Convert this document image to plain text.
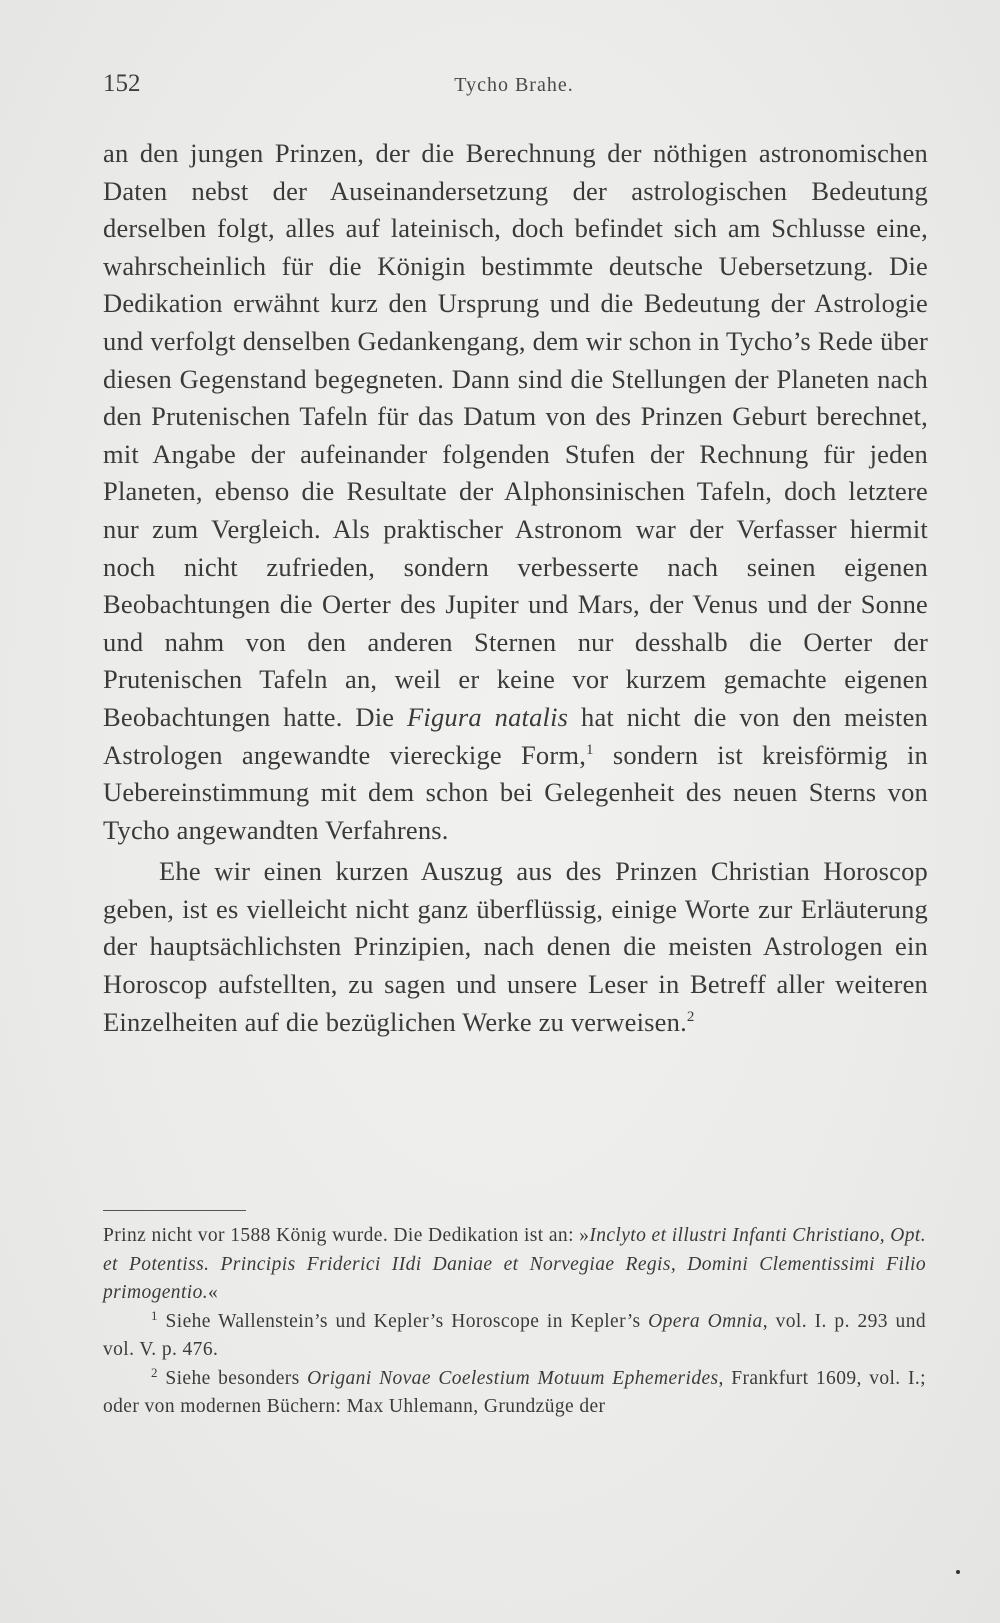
152	Tycho Brahe.

an den jungen Prinzen, der die Berechnung der nöthigen astronomischen Daten nebst der Auseinandersetzung der astrologischen Bedeutung derselben folgt, alles auf lateinisch, doch befindet sich am Schlusse eine, wahrscheinlich für die Königin bestimmte deutsche Uebersetzung. Die Dedikation erwähnt kurz den Ursprung und die Bedeutung der Astrologie und verfolgt denselben Gedankengang, dem wir schon in Tycho’s Rede über diesen Gegenstand begegneten. Dann sind die Stellungen der Planeten nach den Prutenischen Tafeln für das Datum von des Prinzen Geburt berechnet, mit Angabe der aufeinander folgenden Stufen der Rechnung für jeden Planeten, ebenso die Resultate der Alphonsinischen Tafeln, doch letztere nur zum Vergleich. Als praktischer Astronom war der Verfasser hiermit noch nicht zufrieden, sondern verbesserte nach seinen eigenen Beobachtungen die Oerter des Jupiter und Mars, der Venus und der Sonne und nahm von den anderen Sternen nur desshalb die Oerter der Prutenischen Tafeln an, weil er keine vor kurzem gemachte eigenen Beobachtungen hatte. Die Figura natalis hat nicht die von den meisten Astrologen angewandte viereckige Form,$^1$ sondern ist kreisförmig in Uebereinstimmung mit dem schon bei Gelegenheit des neuen Sterns von Tycho angewandten Verfahrens.

Ehe wir einen kurzen Auszug aus des Prinzen Christian Horoscop geben, ist es vielleicht nicht ganz überflüssig, einige Worte zur Erläuterung der hauptsächlichsten Prinzipien, nach denen die meisten Astrologen ein Horoscop aufstellten, zu sagen und unsere Leser in Betreff aller weiteren Einzelheiten auf die bezüglichen Werke zu verweisen.$^2$

Prinz nicht vor 1588 König wurde. Die Dedikation ist an: »Inclyto et illustri Infanti Christiano, Opt. et Potentiss. Principis Friderici IIdi Daniae et Norvegiae Regis, Domini Clementissimi Filio primogentio.«

$^1$ Siehe Wallenstein’s und Kepler’s Horoscope in Kepler’s Opera Omnia, vol. I. p. 293 und vol. V. p. 476.

$^2$ Siehe besonders Origani Novae Coelestium Motuum Ephemerides, Frankfurt 1609, vol. I.; oder von modernen Büchern: Max Uhlemann, Grundzüge der
